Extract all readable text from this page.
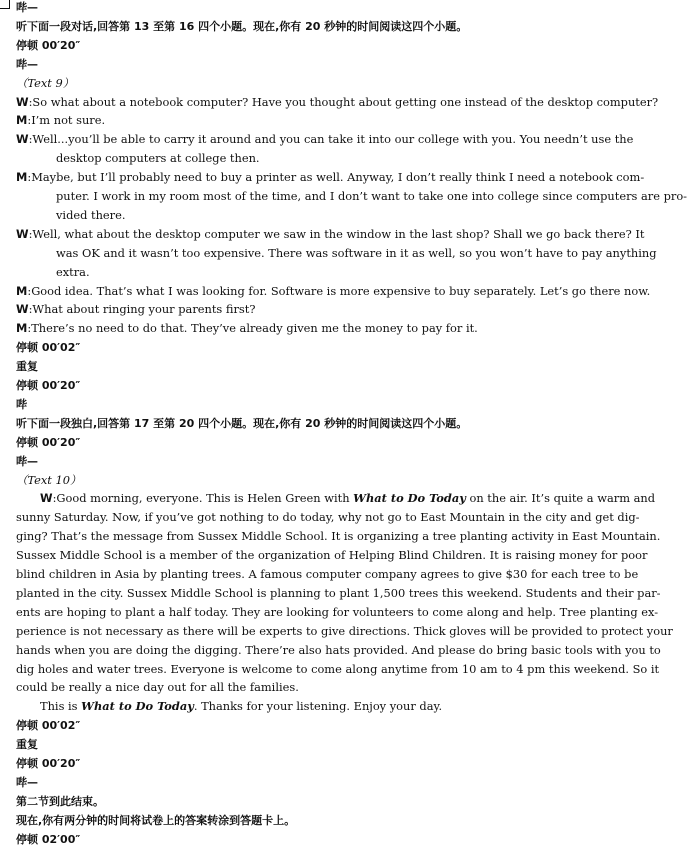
哔—
听下面一段对话,回答第 13 至第 16 四个小题。现在,你有 20 秒钟的时间阅读这四个小题。
停顿 00′20″
哔—
（Text 9）
W:So what about a notebook computer? Have you thought about getting one instead of the desktop computer?
M:I’m not sure.
W:Well...you’ll be able to carry it around and you can take it into our college with you. You needn’t use the
desktop computers at college then.
M:Maybe, but I’ll probably need to buy a printer as well. Anyway, I don’t really think I need a notebook com-
puter. I work in my room most of the time, and I don’t want to take one into college since computers are pro-
vided there.
W:Well, what about the desktop computer we saw in the window in the last shop? Shall we go back there? It
was OK and it wasn’t too expensive. There was software in it as well, so you won’t have to pay anything
extra.
M:Good idea. That’s what I was looking for. Software is more expensive to buy separately. Let’s go there now.
W:What about ringing your parents first?
M:There’s no need to do that. They’ve already given me the money to pay for it.
停顿 00′02″
重复
停顿 00′20″
哔
听下面一段独白,回答第 17 至第 20 四个小题。现在,你有 20 秒钟的时间阅读这四个小题。
停顿 00′20″
哔—
（Text 10）
W:Good morning, everyone. This is Helen Green with What to Do Today on the air. It’s quite a warm and
sunny Saturday. Now, if you’ve got nothing to do today, why not go to East Mountain in the city and get dig-
ging? That’s the message from Sussex Middle School. It is organizing a tree planting activity in East Mountain.
Sussex Middle School is a member of the organization of Helping Blind Children. It is raising money for poor
blind children in Asia by planting trees. A famous computer company agrees to give $30 for each tree to be
planted in the city. Sussex Middle School is planning to plant 1,500 trees this weekend. Students and their par-
ents are hoping to plant a half today. They are looking for volunteers to come along and help. Tree planting ex-
perience is not necessary as there will be experts to give directions. Thick gloves will be provided to protect your
hands when you are doing the digging. There’re also hats provided. And please do bring basic tools with you to
dig holes and water trees. Everyone is welcome to come along anytime from 10 am to 4 pm this weekend. So it
could be really a nice day out for all the families.
This is What to Do Today. Thanks for your listening. Enjoy your day.
停顿 00′02″
重复
停顿 00′20″
哔—
第二节到此结束。
现在,你有两分钟的时间将试卷上的答案转涂到答题卡上。
停顿 02′00″
